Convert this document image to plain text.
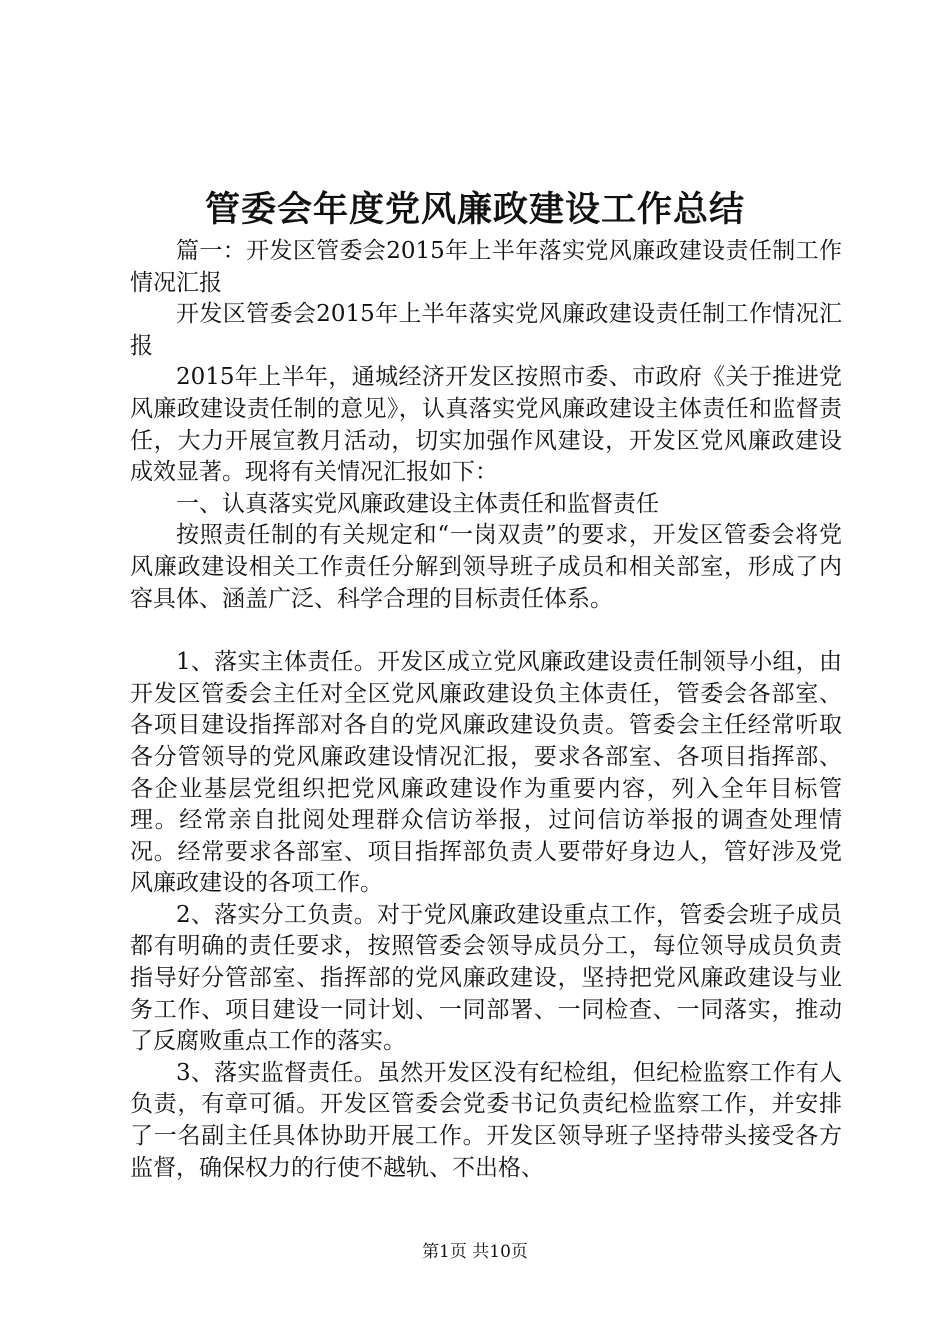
管委会年度党风廉政建设工作总结

篇一：开发区管委会2015年上半年落实党风廉政建设责任制工作情况汇报

开发区管委会2015年上半年落实党风廉政建设责任制工作情况汇报

2015年上半年，通城经济开发区按照市委、市政府《关于推进党风廉政建设责任制的意见》，认真落实党风廉政建设主体责任和监督责任，大力开展宣教月活动，切实加强作风建设，开发区党风廉政建设成效显著。现将有关情况汇报如下：

一、认真落实党风廉政建设主体责任和监督责任

按照责任制的有关规定和“一岗双责”的要求，开发区管委会将党风廉政建设相关工作责任分解到领导班子成员和相关部室，形成了内容具体、涵盖广泛、科学合理的目标责任体系。

1、落实主体责任。开发区成立党风廉政建设责任制领导小组，由开发区管委会主任对全区党风廉政建设负主体责任，管委会各部室、各项目建设指挥部对各自的党风廉政建设负责。管委会主任经常听取各分管领导的党风廉政建设情况汇报，要求各部室、各项目指挥部、各企业基层党组织把党风廉政建设作为重要内容，列入全年目标管理。经常亲自批阅处理群众信访举报，过问信访举报的调查处理情况。经常要求各部室、项目指挥部负责人要带好身边人，管好涉及党风廉政建设的各项工作。

2、落实分工负责。对于党风廉政建设重点工作，管委会班子成员都有明确的责任要求，按照管委会领导成员分工，每位领导成员负责指导好分管部室、指挥部的党风廉政建设，坚持把党风廉政建设与业务工作、项目建设一同计划、一同部署、一同检查、一同落实，推动了反腐败重点工作的落实。

3、落实监督责任。虽然开发区没有纪检组，但纪检监察工作有人负责，有章可循。开发区管委会党委书记负责纪检监察工作，并安排了一名副主任具体协助开展工作。开发区领导班子坚持带头接受各方监督，确保权力的行使不越轨、不出格、

第1页 共10页
